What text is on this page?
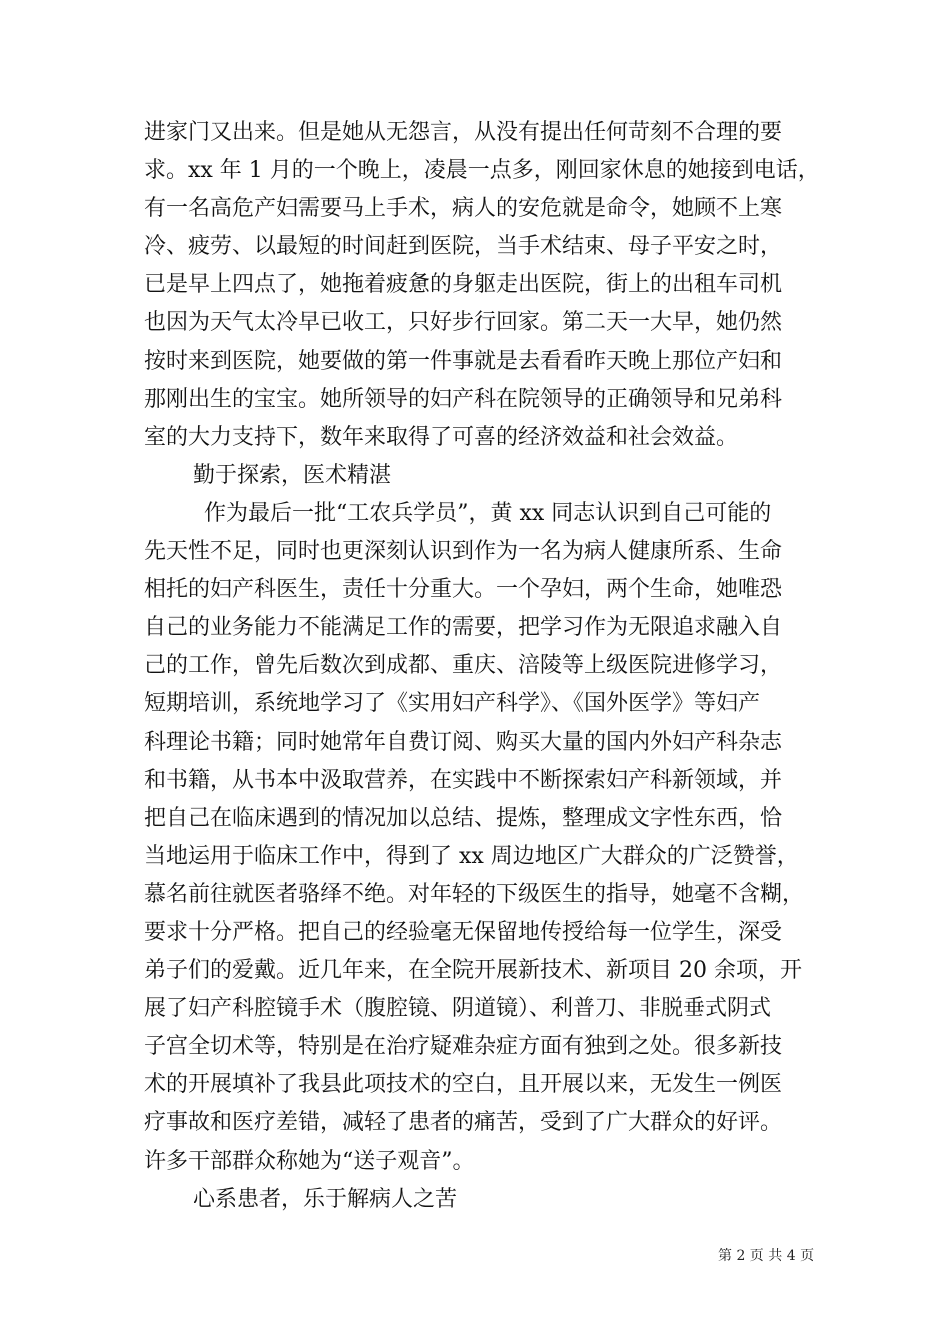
进家门又出来。但是她从无怨言，从没有提出任何苛刻不合理的要
求。xx 年 1 月的一个晚上，凌晨一点多，刚回家休息的她接到电话，
有一名高危产妇需要马上手术，病人的安危就是命令，她顾不上寒
冷、疲劳、以最短的时间赶到医院，当手术结束、母子平安之时，
已是早上四点了，她拖着疲惫的身躯走出医院，街上的出租车司机
也因为天气太冷早已收工，只好步行回家。第二天一大早，她仍然
按时来到医院，她要做的第一件事就是去看看昨天晚上那位产妇和
那刚出生的宝宝。她所领导的妇产科在院领导的正确领导和兄弟科
室的大力支持下，数年来取得了可喜的经济效益和社会效益。
勤于探索，医术精湛
作为最后一批“工农兵学员”，黄 xx 同志认识到自己可能的
先天性不足，同时也更深刻认识到作为一名为病人健康所系、生命
相托的妇产科医生，责任十分重大。一个孕妇，两个生命，她唯恐
自己的业务能力不能满足工作的需要，把学习作为无限追求融入自
己的工作，曾先后数次到成都、重庆、涪陵等上级医院进修学习，
短期培训，系统地学习了《实用妇产科学》、《国外医学》等妇产
科理论书籍；同时她常年自费订阅、购买大量的国内外妇产科杂志
和书籍，从书本中汲取营养，在实践中不断探索妇产科新领域，并
把自己在临床遇到的情况加以总结、提炼，整理成文字性东西，恰
当地运用于临床工作中，得到了 xx 周边地区广大群众的广泛赞誉，
慕名前往就医者骆绎不绝。对年轻的下级医生的指导，她毫不含糊，
要求十分严格。把自己的经验毫无保留地传授给每一位学生，深受
弟子们的爱戴。近几年来，在全院开展新技术、新项目 20 余项，开
展了妇产科腔镜手术（腹腔镜、阴道镜）、利普刀、非脱垂式阴式
子宫全切术等，特别是在治疗疑难杂症方面有独到之处。很多新技
术的开展填补了我县此项技术的空白，且开展以来，无发生一例医
疗事故和医疗差错，减轻了患者的痛苦，受到了广大群众的好评。
许多干部群众称她为“送子观音”。
心系患者，乐于解病人之苦
第 2 页 共 4 页
